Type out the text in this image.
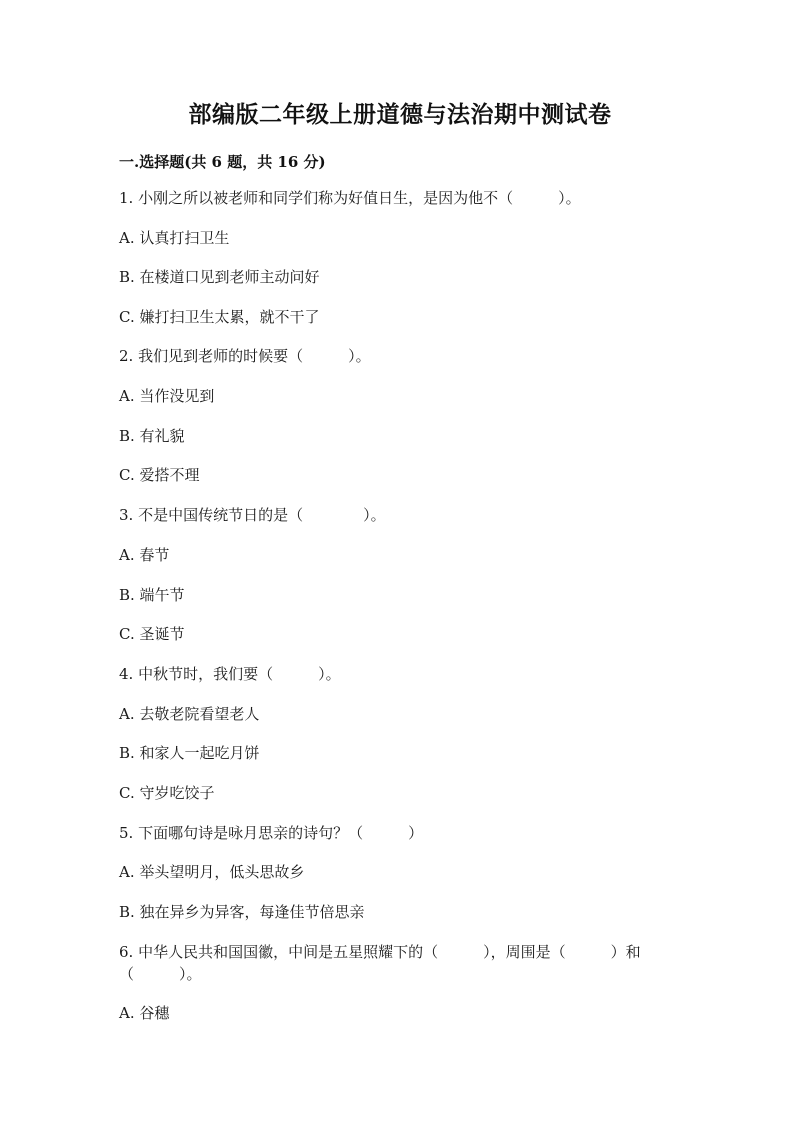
部编版二年级上册道德与法治期中测试卷
一.选择题(共 6 题，共 16 分)
1. 小刚之所以被老师和同学们称为好值日生，是因为他不（　　　）。
A. 认真打扫卫生
B. 在楼道口见到老师主动问好
C. 嫌打扫卫生太累，就不干了
2. 我们见到老师的时候要（　　　）。
A. 当作没见到
B. 有礼貌
C. 爱搭不理
3. 不是中国传统节日的是（　　　　）。
A. 春节
B. 端午节
C. 圣诞节
4. 中秋节时，我们要（　　　）。
A. 去敬老院看望老人
B. 和家人一起吃月饼
C. 守岁吃饺子
5. 下面哪句诗是咏月思亲的诗句？（　　　）
A. 举头望明月，低头思故乡
B. 独在异乡为异客，每逢佳节倍思亲
6. 中华人民共和国国徽，中间是五星照耀下的（　　　），周围是（　　　）和（　　　）。
A. 谷穗
